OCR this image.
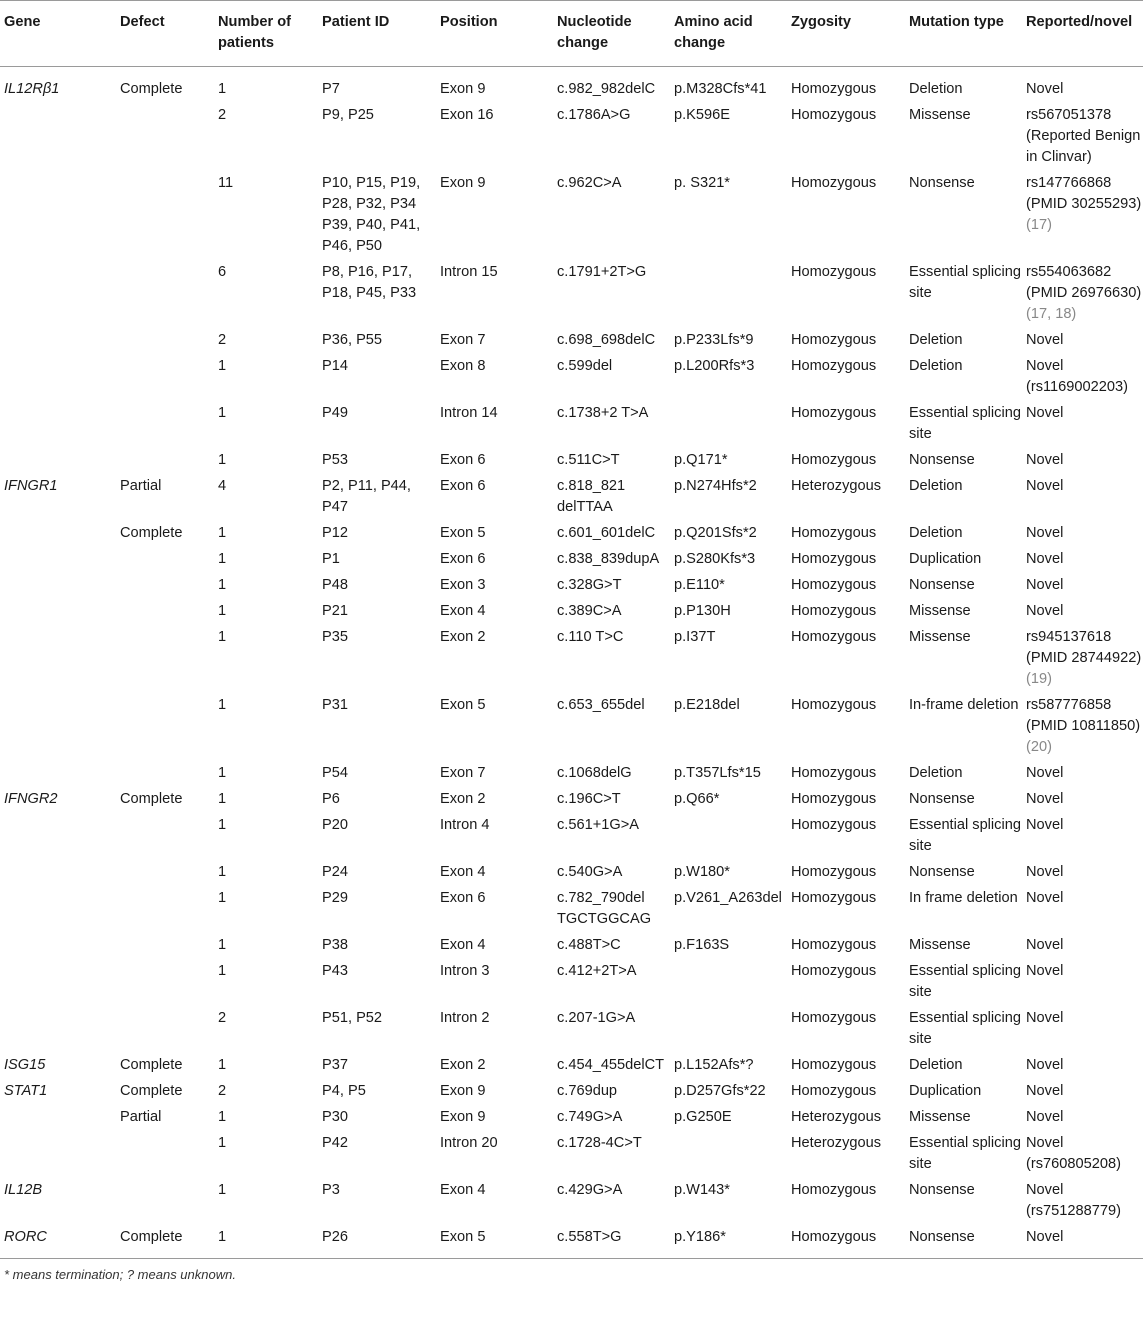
Gene	Defect	Number of patients	Patient ID	Position	Nucleotide change	Amino acid change	Zygosity	Mutation type	Reported/novel
IL12Rβ1	Complete	1	P7	Exon 9	c.982_982delC	p.M328Cfs*41	Homozygous	Deletion	Novel
		2	P9, P25	Exon 16	c.1786A>G	p.K596E	Homozygous	Missense	rs567051378 (Reported Benign in Clinvar)
		11	P10, P15, P19, P28, P32, P34 P39, P40, P41, P46, P50	Exon 9	c.962C>A	p. S321*	Homozygous	Nonsense	rs147766868 (PMID 30255293) (17)
		6	P8, P16, P17, P18, P45, P33	Intron 15	c.1791+2T>G		Homozygous	Essential splicing site	rs554063682 (PMID 26976630) (17, 18)
		2	P36, P55	Exon 7	c.698_698delC	p.P233Lfs*9	Homozygous	Deletion	Novel
		1	P14	Exon 8	c.599del	p.L200Rfs*3	Homozygous	Deletion	Novel (rs1169002203)
		1	P49	Intron 14	c.1738+2 T>A		Homozygous	Essential splicing site	Novel
		1	P53	Exon 6	c.511C>T	p.Q171*	Homozygous	Nonsense	Novel
IFNGR1	Partial	4	P2, P11, P44, P47	Exon 6	c.818_821 delTTAA	p.N274Hfs*2	Heterozygous	Deletion	Novel
	Complete	1	P12	Exon 5	c.601_601delC	p.Q201Sfs*2	Homozygous	Deletion	Novel
		1	P1	Exon 6	c.838_839dupA	p.S280Kfs*3	Homozygous	Duplication	Novel
		1	P48	Exon 3	c.328G>T	p.E110*	Homozygous	Nonsense	Novel
		1	P21	Exon 4	c.389C>A	p.P130H	Homozygous	Missense	Novel
		1	P35	Exon 2	c.110 T>C	p.I37T	Homozygous	Missense	rs945137618 (PMID 28744922) (19)
		1	P31	Exon 5	c.653_655del	p.E218del	Homozygous	In-frame deletion	rs587776858 (PMID 10811850) (20)
		1	P54	Exon 7	c.1068delG	p.T357Lfs*15	Homozygous	Deletion	Novel
IFNGR2	Complete	1	P6	Exon 2	c.196C>T	p.Q66*	Homozygous	Nonsense	Novel
		1	P20	Intron 4	c.561+1G>A		Homozygous	Essential splicing site	Novel
		1	P24	Exon 4	c.540G>A	p.W180*	Homozygous	Nonsense	Novel
		1	P29	Exon 6	c.782_790del TGCTGGCAG	p.V261_A263del	Homozygous	In frame deletion	Novel
		1	P38	Exon 4	c.488T>C	p.F163S	Homozygous	Missense	Novel
		1	P43	Intron 3	c.412+2T>A		Homozygous	Essential splicing site	Novel
		2	P51, P52	Intron 2	c.207-1G>A		Homozygous	Essential splicing site	Novel
ISG15	Complete	1	P37	Exon 2	c.454_455delCT	p.L152Afs*?	Homozygous	Deletion	Novel
STAT1	Complete	2	P4, P5	Exon 9	c.769dup	p.D257Gfs*22	Homozygous	Duplication	Novel
	Partial	1	P30	Exon 9	c.749G>A	p.G250E	Heterozygous	Missense	Novel
		1	P42	Intron 20	c.1728-4C>T		Heterozygous	Essential splicing site	Novel (rs760805208)
IL12B		1	P3	Exon 4	c.429G>A	p.W143*	Homozygous	Nonsense	Novel (rs751288779)
RORC	Complete	1	P26	Exon 5	c.558T>G	p.Y186*	Homozygous	Nonsense	Novel
* means termination; ? means unknown.
